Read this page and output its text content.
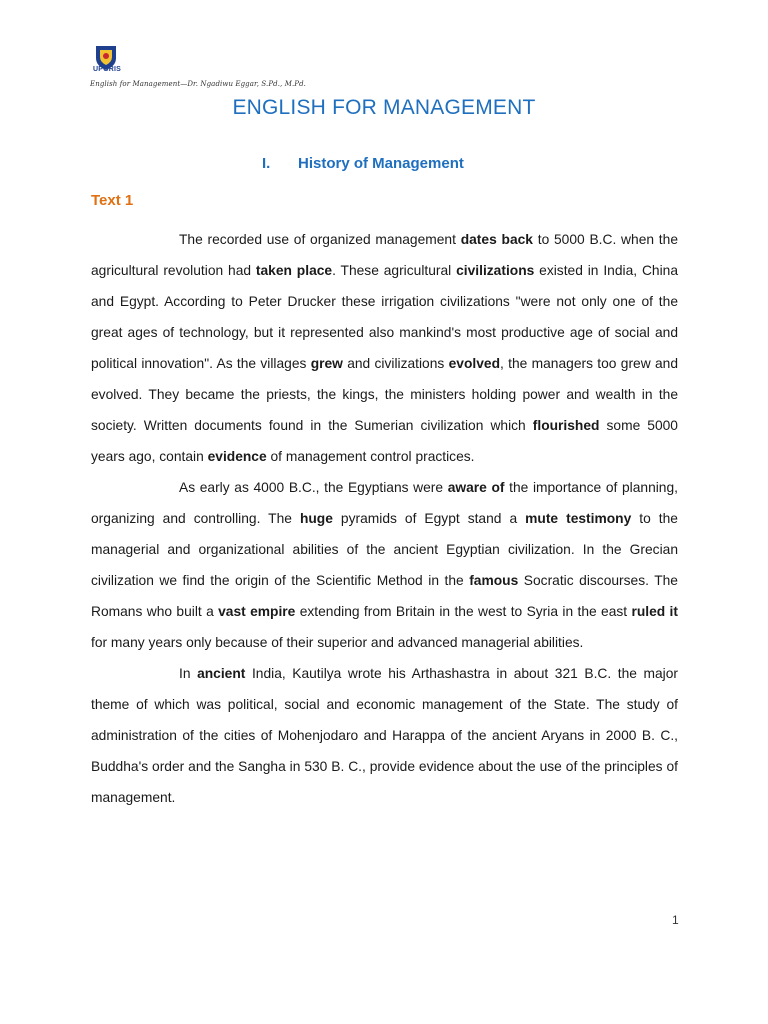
UPGRIS
English for Management—Dr. Ngadiwu Eggar, S.Pd., M.Pd.
ENGLISH FOR MANAGEMENT
I. History of Management
Text 1

The recorded use of organized management dates back to 5000 B.C. when the agricultural revolution had taken place. These agricultural civilizations existed in India, China and Egypt. According to Peter Drucker these irrigation civilizations "were not only one of the great ages of technology, but it represented also mankind's most productive age of social and political innovation". As the villages grew and civilizations evolved, the managers too grew and evolved. They became the priests, the kings, the ministers holding power and wealth in the society. Written documents found in the Sumerian civilization which flourished some 5000 years ago, contain evidence of management control practices.

As early as 4000 B.C., the Egyptians were aware of the importance of planning, organizing and controlling. The huge pyramids of Egypt stand a mute testimony to the managerial and organizational abilities of the ancient Egyptian civilization. In the Grecian civilization we find the origin of the Scientific Method in the famous Socratic discourses. The Romans who built a vast empire extending from Britain in the west to Syria in the east ruled it for many years only because of their superior and advanced managerial abilities.

In ancient India, Kautilya wrote his Arthashastra in about 321 B.C. the major theme of which was political, social and economic management of the State. The study of administration of the cities of Mohenjodaro and Harappa of the ancient Aryans in 2000 B. C., Buddha's order and the Sangha in 530 B. C., provide evidence about the use of the principles of management.

1
